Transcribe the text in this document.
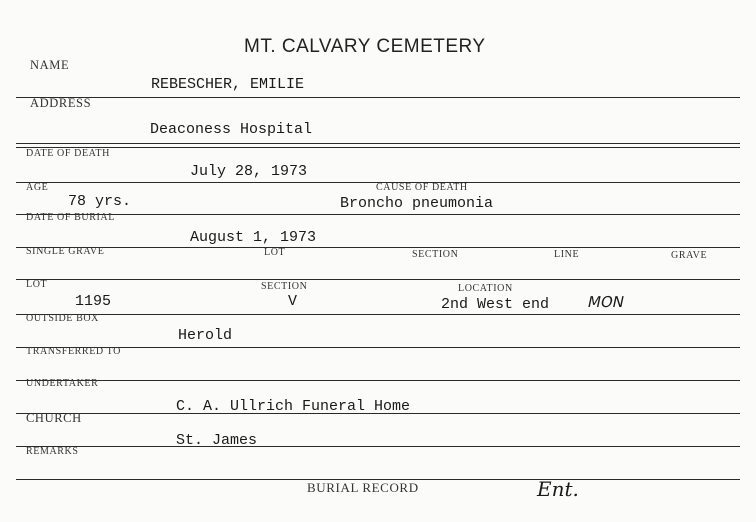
MT. CALVARY CEMETERY
NAME
REBESCHER, EMILIE
ADDRESS
Deaconess Hospital
DATE OF DEATH
July 28, 1973
AGE
78 yrs.
CAUSE OF DEATH
Broncho pneumonia
DATE OF BURIAL
August 1, 1973
SINGLE GRAVE	LOT	SECTION	LINE	GRAVE
LOT
1195
SECTION
V
LOCATION
2nd West end MON
OUTSIDE BOX
Herold
TRANSFERRED TO
UNDERTAKER
C. A. Ullrich Funeral Home
CHURCH
St. James
REMARKS
BURIAL RECORD	Ent.
